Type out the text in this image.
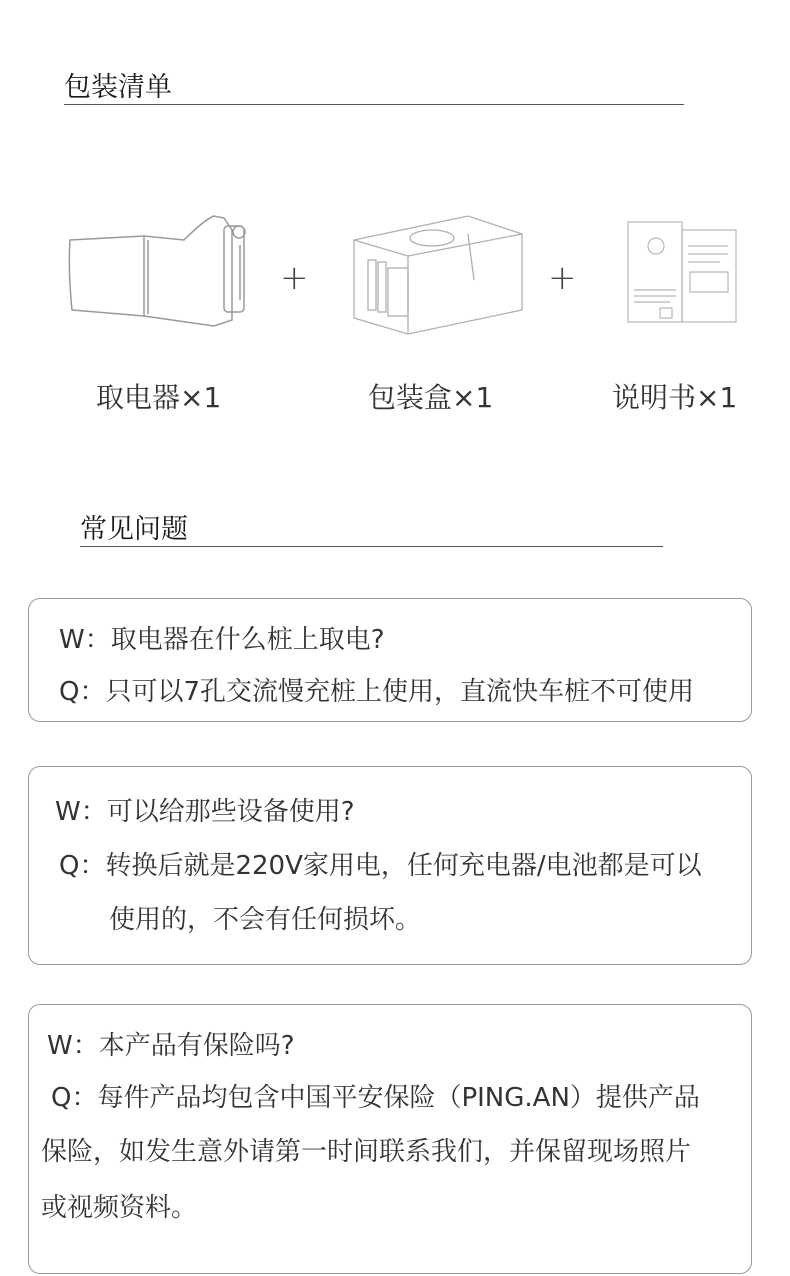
包装清单
+	+
取电器×1	包装盒×1	说明书×1
常见问题
W：取电器在什么桩上取电?
Q：只可以7孔交流慢充桩上使用，直流快车桩不可使用
W：可以给那些设备使用?
Q：转换后就是220V家用电，任何充电器/电池都是可以
使用的，不会有任何损坏。
W：本产品有保险吗?
Q：每件产品均包含中国平安保险（PING.AN）提供产品
保险，如发生意外请第一时间联系我们，并保留现场照片
或视频资料。
